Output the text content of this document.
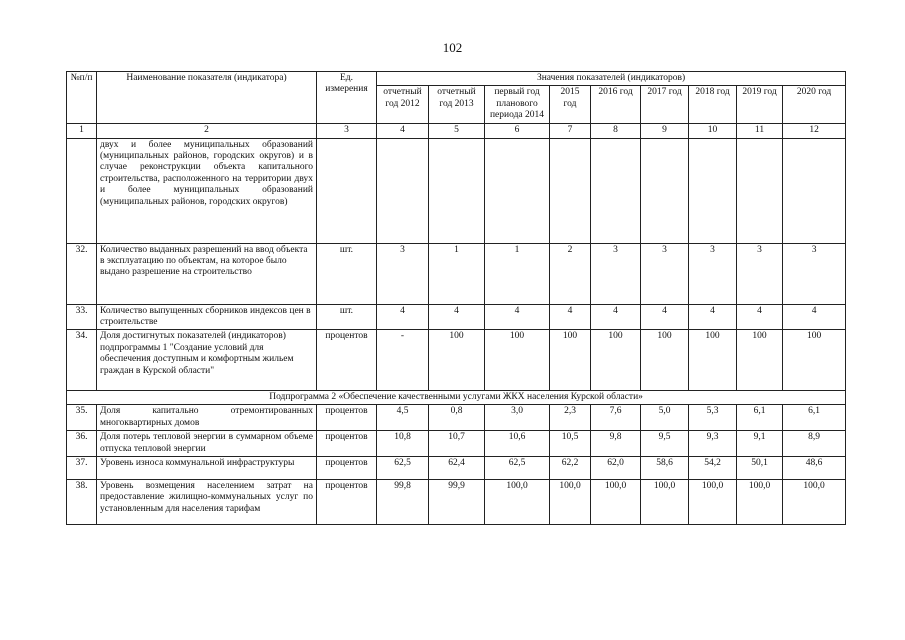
102
№п/п	Наименование показателя (индикатора)	Ед. измерения	Значения показателей (индикаторов)								
			отчетный год 2012	отчетный год 2013	первый год планового периода 2014	2015 год	2016 год	2017 год	2018 год	2019 год	2020 год
1	2	3	4	5	6	7	8	9	10	11	12
	двух и более муниципальных образований (муниципальных районов, городских округов) и в случае реконструкции объекта капитального строительства, расположенного на территории двух и более муниципальных образований (муниципальных районов, городских округов)										
32.	Количество выданных разрешений на ввод объекта в эксплуатацию по объектам, на которое было выдано разрешение на строительство	шт.	3	1	1	2	3	3	3	3	3
33.	Количество выпущенных сборников индексов цен в строительстве	шт.	4	4	4	4	4	4	4	4	4
34.	Доля достигнутых показателей (индикаторов) подпрограммы 1 "Создание условий для обеспечения доступным и комфортным жильем граждан в Курской области"	процентов	-	100	100	100	100	100	100	100	100
Подпрограмма 2 «Обеспечение качественными услугами ЖКХ населения Курской области»											
35.	Доля капитально отремонтированных многоквартирных домов	процентов	4,5	0,8	3,0	2,3	7,6	5,0	5,3	6,1	6,1
36.	Доля потерь тепловой энергии в суммарном объеме отпуска тепловой энергии	процентов	10,8	10,7	10,6	10,5	9,8	9,5	9,3	9,1	8,9
37.	Уровень износа коммунальной инфраструктуры	процентов	62,5	62,4	62,5	62,2	62,0	58,6	54,2	50,1	48,6
38.	Уровень возмещения населением затрат на предоставление жилищно-коммунальных услуг по установленным для населения тарифам	процентов	99,8	99,9	100,0	100,0	100,0	100,0	100,0	100,0	100,0
